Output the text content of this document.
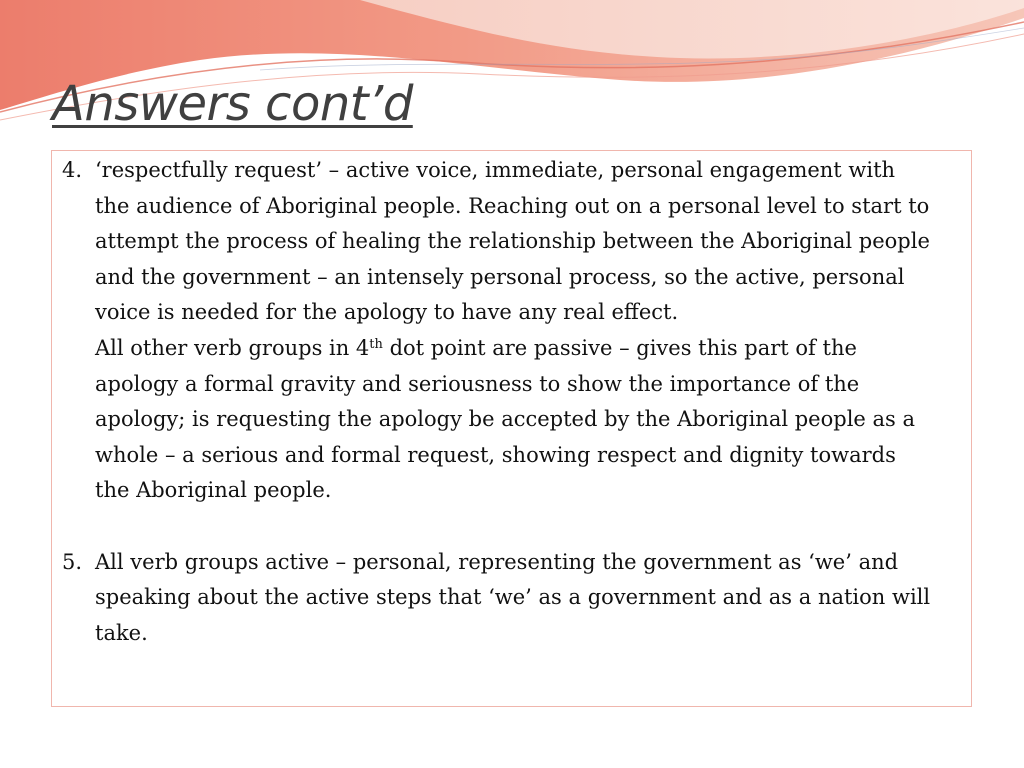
Answers cont’d
4. ‘respectfully request’ – active voice, immediate, personal engagement with the audience of Aboriginal people. Reaching out on a personal level to start to attempt the process of healing the relationship between the Aboriginal people and the government – an intensely personal process, so the active, personal voice is needed for the apology to have any real effect.

All other verb groups in 4th dot point are passive – gives this part of the apology a formal gravity and seriousness to show the importance of the apology; is requesting the apology be accepted by the Aboriginal people as a whole – a serious and formal request, showing respect and dignity towards the Aboriginal people.

5. All verb groups active – personal, representing the government as ‘we’ and speaking about the active steps that ‘we’ as a government and as a nation will take.
